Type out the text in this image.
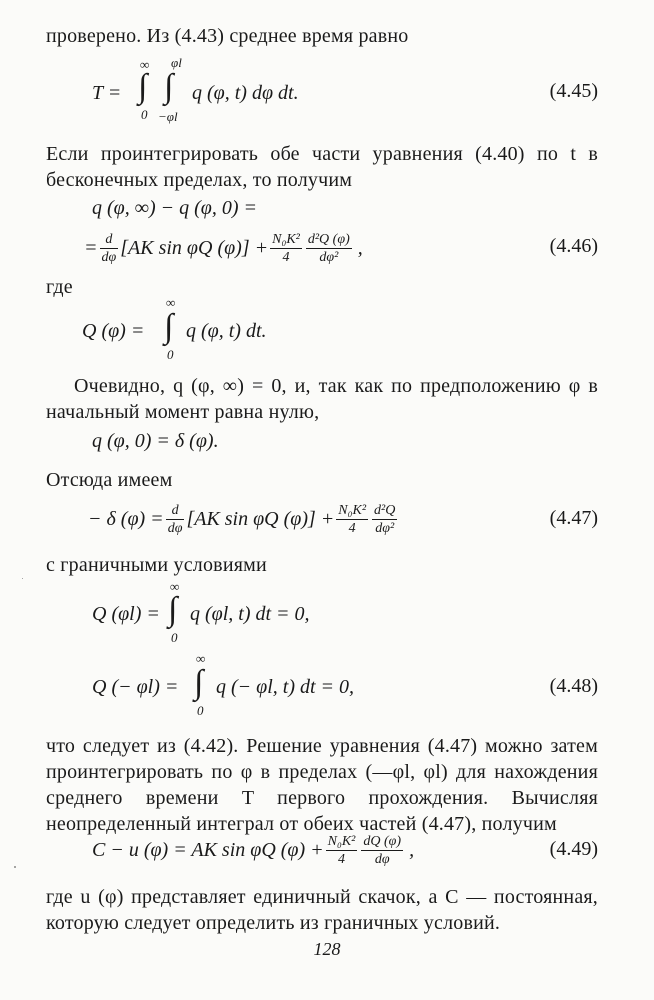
проверено. Из (4.43) среднее время равно
T = ∫
∞
0
∫
φl
−φl
q (φ, t) dφ dt.	(4.45)
Если проинтегрировать обе части уравнения (4.40) по t в бесконечных пределах, то получим
q (φ, ∞) − q (φ, 0) =
= $\frac{d}{d\varphi} [AK$ sin φQ $(\varphi)] + \frac{\text{N₀K²}}{4} \frac{\text{d²Q (φ)}}{\text{dφ²}}$ ,	(4.46)
где
Q (φ) = ∫
∞
0
q (φ, t) dt.
Очевидно, q (φ, ∞) = 0, и, так как по предположению φ в начальный момент равна нулю,
q (φ, 0) = δ (φ).
Отсюда имеем
− δ $(\varphi) = \frac{d}{d\varphi} [AK$ sin φQ $(\varphi)] + \frac{\text{N₀K²}}{4} \frac{\text{d²Q}}{\text{dφ²}}$	(4.47)
с граничными условиями
Q (φl) = ∫
∞
0
q (φl, t) dt = 0,
Q (− φl) = ∫
∞
0
q (− φl, t) dt = 0,	(4.48)
что следует из (4.42). Решение уравнения (4.47) можно затем проинтегрировать по φ в пределах (—φl, φl) для нахождения среднего времени T первого прохождения. Вычисляя неопределенный интеграл от обеих частей (4.47), получим
C − u (φ) = AK sin φQ $(\varphi) + \frac{\text{N₀K²}}{4} \frac{dQ (\varphi)}{d\varphi}$ ,	(4.49)
где u (φ) представляет единичный скачок, а C — постоянная, которую следует определить из граничных условий.
128
